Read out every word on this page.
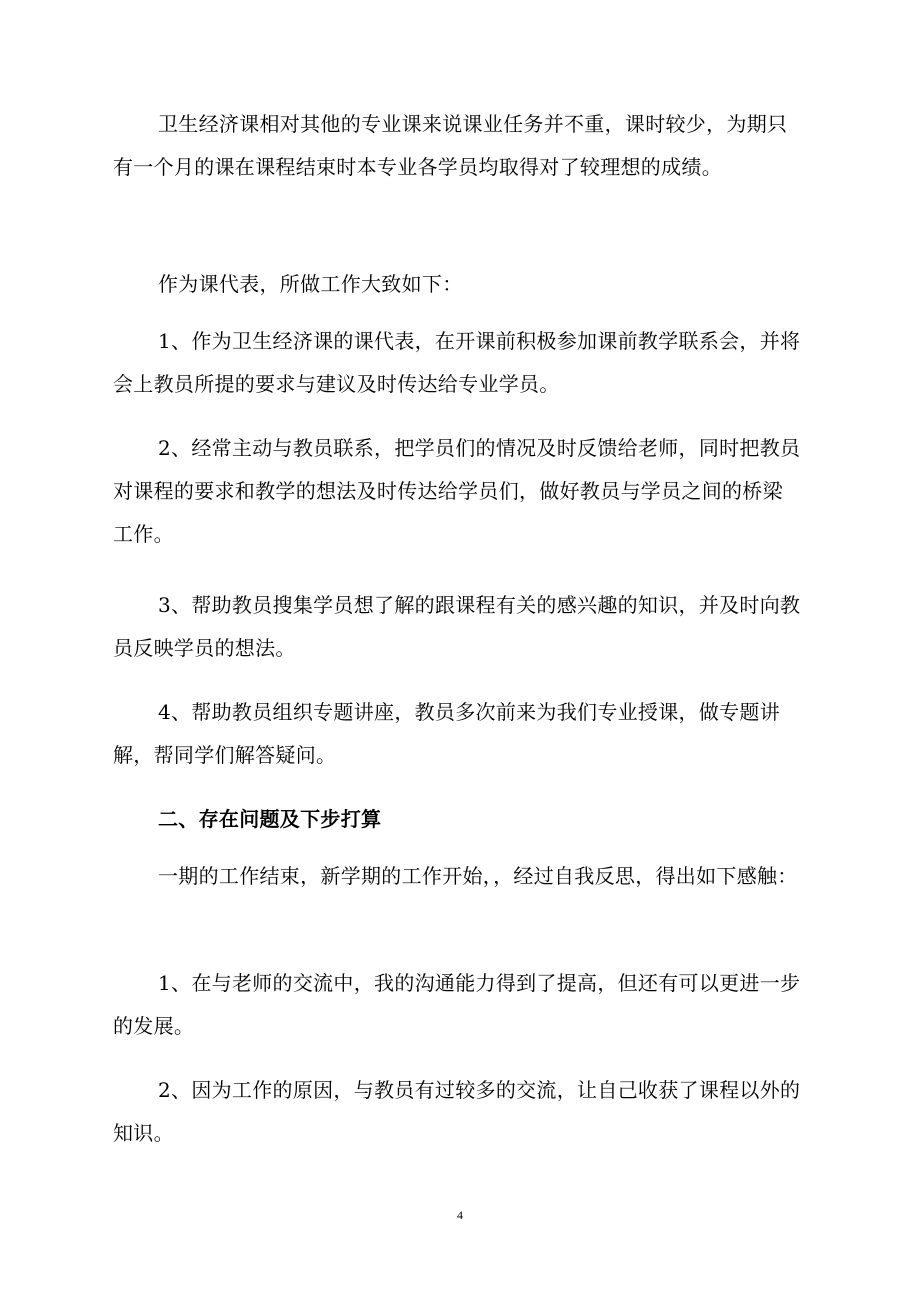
卫生经济课相对其他的专业课来说课业任务并不重，课时较少，为期只有一个月的课在课程结束时本专业各学员均取得对了较理想的成绩。

作为课代表，所做工作大致如下：

1、作为卫生经济课的课代表，在开课前积极参加课前教学联系会，并将会上教员所提的要求与建议及时传达给专业学员。

2、经常主动与教员联系，把学员们的情况及时反馈给老师，同时把教员对课程的要求和教学的想法及时传达给学员们，做好教员与学员之间的桥梁工作。

3、帮助教员搜集学员想了解的跟课程有关的感兴趣的知识，并及时向教员反映学员的想法。

4、帮助教员组织专题讲座，教员多次前来为我们专业授课，做专题讲解，帮同学们解答疑问。

二、存在问题及下步打算

一期的工作结束，新学期的工作开始，，经过自我反思，得出如下感触：

1、在与老师的交流中，我的沟通能力得到了提高，但还有可以更进一步的发展。

2、因为工作的原因，与教员有过较多的交流，让自己收获了课程以外的知识。

4
